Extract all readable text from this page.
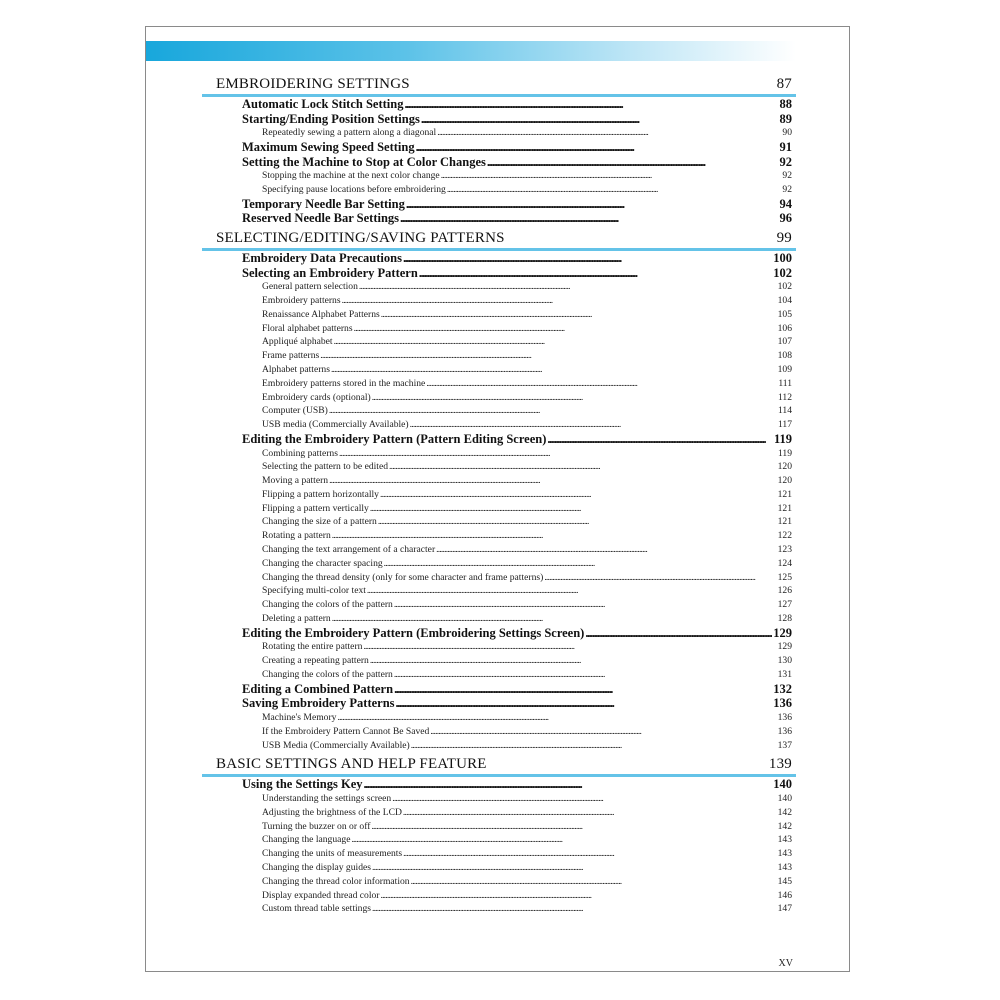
EMBROIDERING SETTINGS	87
Automatic Lock Stitch Setting . . .	88
Starting/Ending Position Settings . . .	89
Repeatedly sewing a pattern along a diagonal . . .	90
Maximum Sewing Speed Setting . . .	91
Setting the Machine to Stop at Color Changes . . .	92
Stopping the machine at the next color change . . .	92
Specifying pause locations before embroidering . . .	92
Temporary Needle Bar Setting . . .	94
Reserved Needle Bar Settings . . .	96
SELECTING/EDITING/SAVING PATTERNS	99
Embroidery Data Precautions . . .	100
Selecting an Embroidery Pattern . . .	102
General pattern selection . . .	102
Embroidery patterns . . .	104
Renaissance Alphabet Patterns . . .	105
Floral alphabet patterns . . .	106
Appliqué alphabet . . .	107
Frame patterns . . .	108
Alphabet patterns . . .	109
Embroidery patterns stored in the machine . . .	111
Embroidery cards (optional) . . .	112
Computer (USB) . . .	114
USB media (Commercially Available) . . .	117
Editing the Embroidery Pattern (Pattern Editing Screen) . . .	119
Combining patterns . . .	119
Selecting the pattern to be edited . . .	120
Moving a pattern . . .	120
Flipping a pattern horizontally . . .	121
Flipping a pattern vertically . . .	121
Changing the size of a pattern . . .	121
Rotating a pattern . . .	122
Changing the text arrangement of a character . . .	123
Changing the character spacing . . .	124
Changing the thread density (only for some character and frame patterns) . . .	125
Specifying multi-color text . . .	126
Changing the colors of the pattern . . .	127
Deleting a pattern . . .	128
Editing the Embroidery Pattern (Embroidering Settings Screen) . . .	129
Rotating the entire pattern . . .	129
Creating a repeating pattern . . .	130
Changing the colors of the pattern . . .	131
Editing a Combined Pattern . . .	132
Saving Embroidery Patterns . . .	136
Machine's Memory . . .	136
If the Embroidery Pattern Cannot Be Saved . . .	136
USB Media (Commercially Available) . . .	137
BASIC SETTINGS AND HELP FEATURE	139
Using the Settings Key . . .	140
Understanding the settings screen . . .	140
Adjusting the brightness of the LCD . . .	142
Turning the buzzer on or off . . .	142
Changing the language . . .	143
Changing the units of measurements . . .	143
Changing the display guides . . .	143
Changing the thread color information . . .	145
Display expanded thread color . . .	146
Custom thread table settings . . .	147
XV
